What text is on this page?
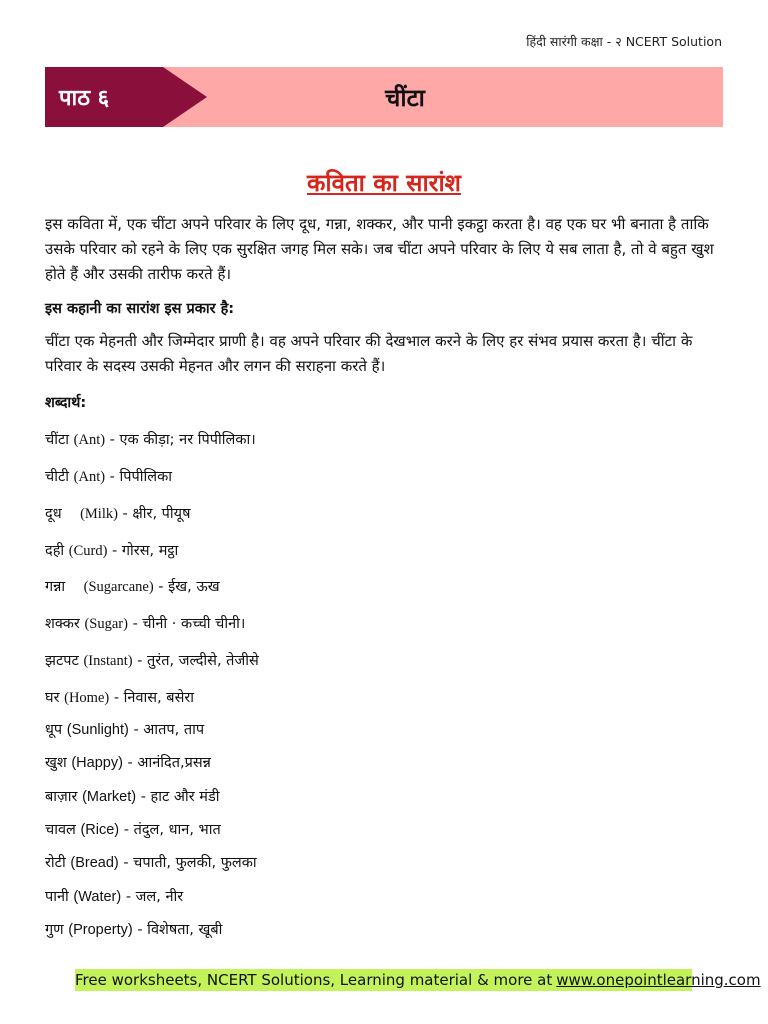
हिंदी सारंगी कक्षा - २ NCERT Solution
पाठ ६	चींटा
कविता का सारांश
इस कविता में, एक चींटा अपने परिवार के लिए दूध, गन्ना, शक्कर, और पानी इकट्ठा करता है। वह एक घर भी बनाता है ताकि उसके परिवार को रहने के लिए एक सुरक्षित जगह मिल सके। जब चींटा अपने परिवार के लिए ये सब लाता है, तो वे बहुत खुश होते हैं और उसकी तारीफ करते हैं।
इस कहानी का सारांश इस प्रकार है:
चींटा एक मेहनती और जिम्मेदार प्राणी है। वह अपने परिवार की देखभाल करने के लिए हर संभव प्रयास करता है। चींटा के परिवार के सदस्य उसकी मेहनत और लगन की सराहना करते हैं।
शब्दार्थ:
चींटा (Ant) - एक कीड़ा; नर पिपीलिका।
चीटी (Ant) - पिपीलिका
दूध (Milk) - क्षीर, पीयूष
दही (Curd) - गोरस, मट्ठा
गन्ना (Sugarcane) - ईख, ऊख
शक्कर (Sugar) - चीनी · कच्ची चीनी।
झटपट (Instant) - तुरंत, जल्दीसे, तेजीसे
घर (Home) - निवास, बसेरा
धूप (Sunlight) - आतप, ताप
खुश (Happy) - आनंदित,प्रसन्न
बाज़ार (Market) - हाट और मंडी
चावल (Rice) - तंदुल, धान, भात
रोटी (Bread) - चपाती, फुलकी, फुलका
पानी (Water) - जल, नीर
गुण (Property) - विशेषता, खूबी
Free worksheets, NCERT Solutions, Learning material & more at www.onepointlearning.com
